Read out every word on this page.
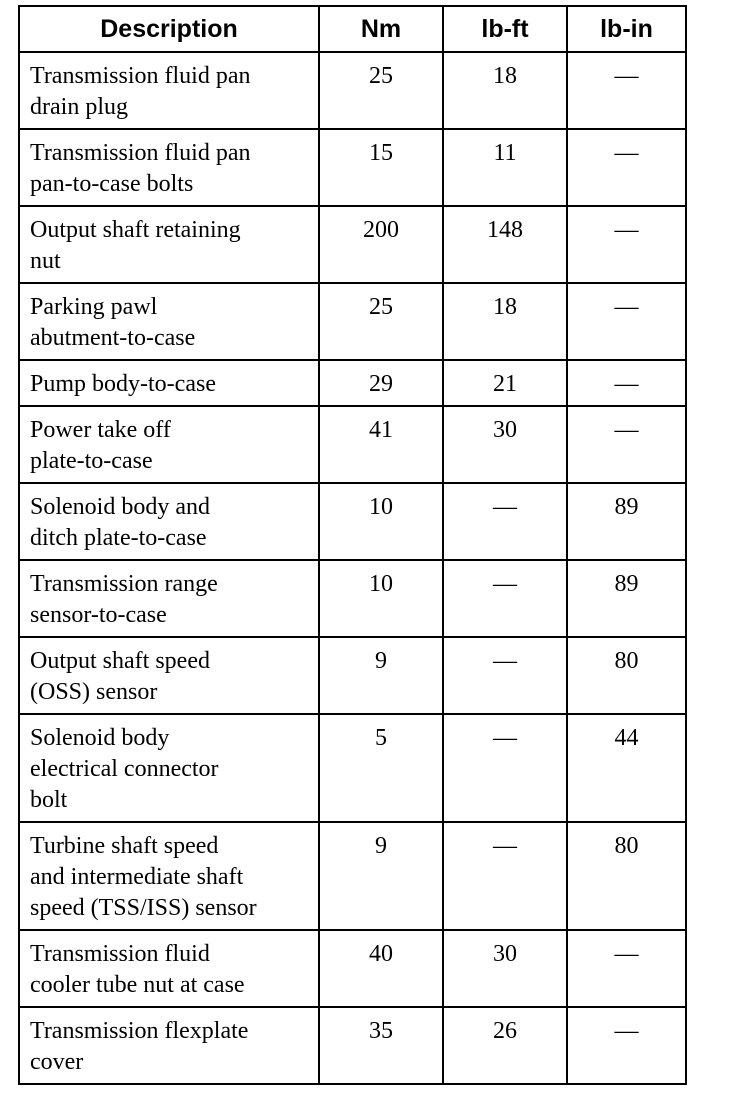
Description	Nm	lb-ft	lb-in

Transmission fluid pan
drain plug	25	18	—

Transmission fluid pan
pan-to-case bolts	15	11	—

Output shaft retaining
nut	200	148	—

Parking pawl
abutment-to-case	25	18	—

Pump body-to-case	29	21	—

Power take off
plate-to-case	41	30	—

Solenoid body and
ditch plate-to-case	10	—	89

Transmission range
sensor-to-case	10	—	89

Output shaft speed
(OSS) sensor	9	—	80

Solenoid body
electrical connector
bolt	5	—	44

Turbine shaft speed
and intermediate shaft
speed (TSS/ISS) sensor	9	—	80

Transmission fluid
cooler tube nut at case	40	30	—

Transmission flexplate
cover	35	26	—
